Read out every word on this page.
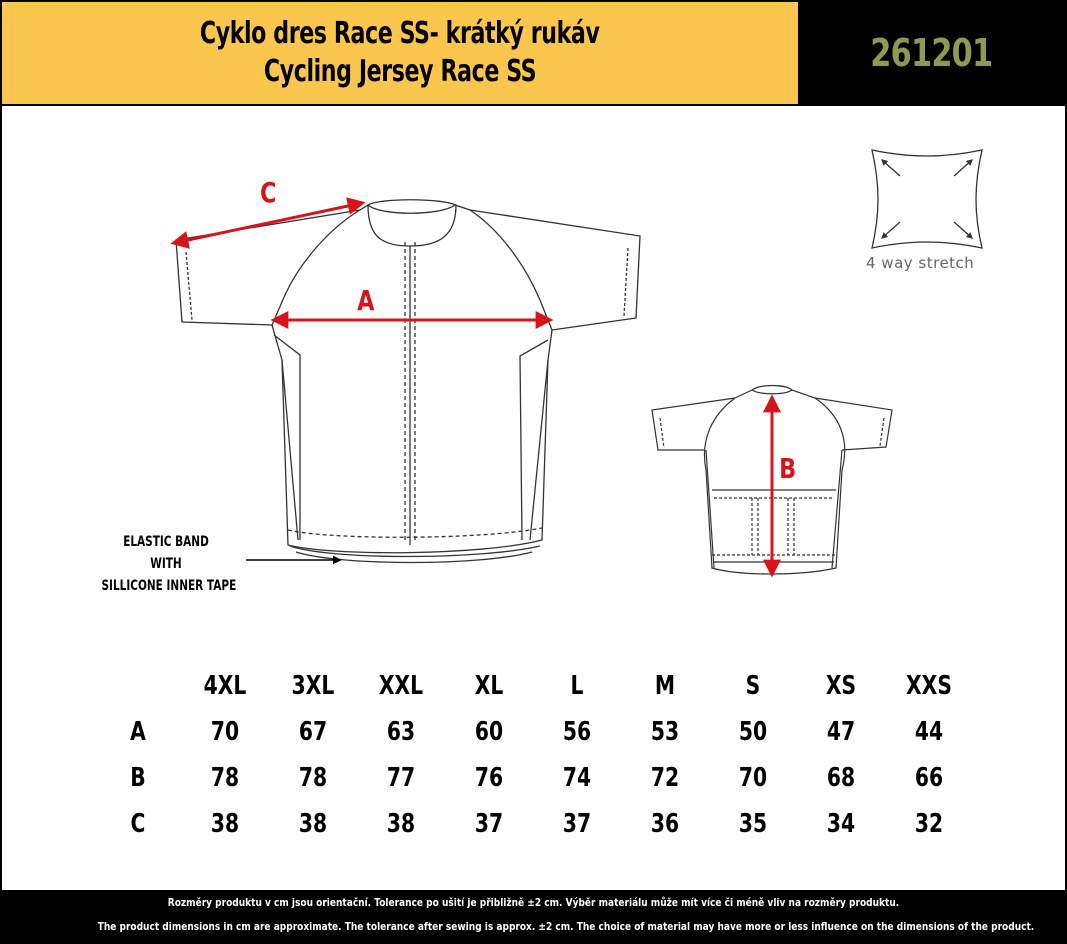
Cyklo dres Race SS- krátký rukáv
Cycling Jersey Race SS	261201
C
A
B
4 way stretch
ELASTIC BAND
WITH
SILLICONE INNER TAPE
4XL	3XL	XXL	XL	L	M	S	XS	XXS
A	70	67	63	60	56	53	50	47	44
B	78	78	77	76	74	72	70	68	66
C	38	38	38	37	37	36	35	34	32
Rozměry produktu v cm jsou orientační. Tolerance po ušití je přibližně ±2 cm. Výběr materiálu může mít více či méně vliv na rozměry produktu.
The product dimensions in cm are approximate. The tolerance after sewing is approx. ±2 cm. The choice of material may have more or less influence on the dimensions of the product.
